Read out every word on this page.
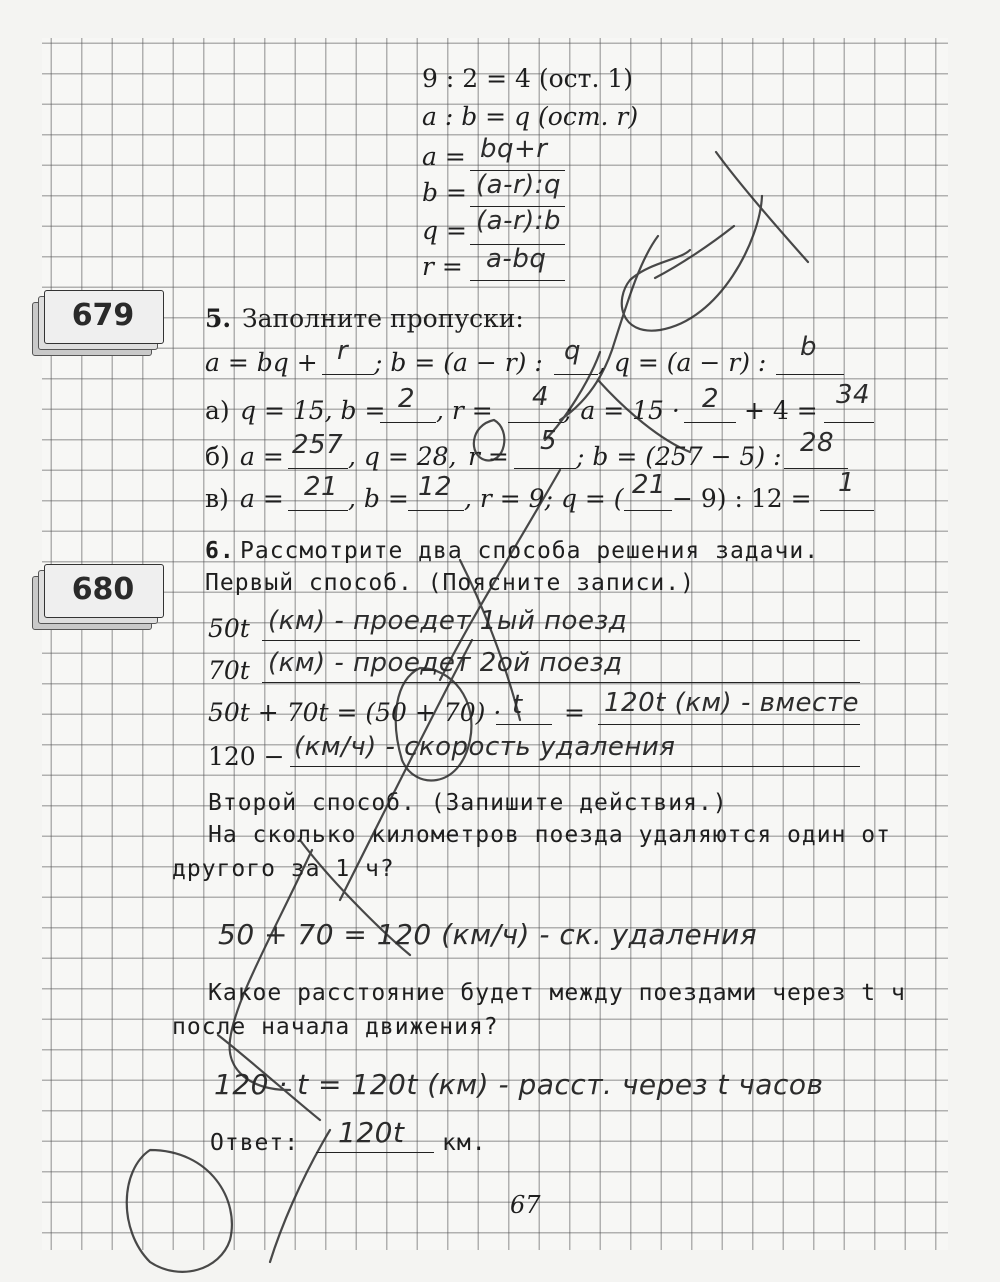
9 : 2 = 4 (ост. 1)
a : b = q (ост. r)
a = bq+r
b = (a-r):q
q = (a-r):b
r = a-bq
679	5. Заполните пропуски:
a = bq + r ; b = (a − r) : q , q = (a − r) :
b
а) q = 15, b = 2 , r = 4 ; a = 15 · 2 + 4 =
34
б) a = 257 , q = 28, r =
5
; b = (257 − 5) : 28
в) a = 21 , b = 12 , r = 9; q = ( 21 − 9) : 12 =
1
680
6. Рассмотрите два способа решения задачи.
Первый способ. (Поясните записи.)
50t (км) - проедет 1ый поезд
70t (км) - проедет 2ой поезд
50t + 70t = (50 + 70) · t = 120t (км) - вместе
120 − (км/ч) - скорость удаления
Второй способ. (Запишите действия.)
На сколько километров поезда удаляются один от
другого за 1 ч?
50 + 70 = 120 (км/ч) - ск. удаления
Какое расстояние будет между поездами через t ч
после начала движения?
120 · t = 120t (км) - расст. через t часов
Ответ: 120t км.
67
